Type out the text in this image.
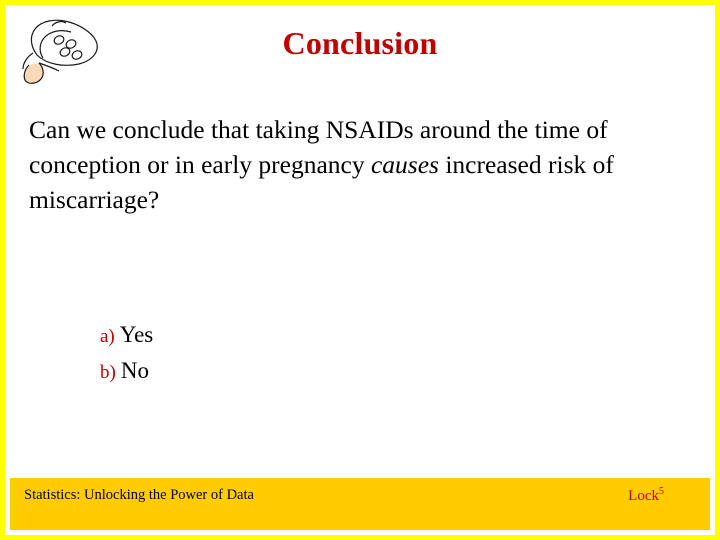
Conclusion
Can we conclude that taking NSAIDs around the time of conception or in early pregnancy causes increased risk of miscarriage?
a) Yes
b) No
Statistics: Unlocking the Power of Data	Lock$^5$
